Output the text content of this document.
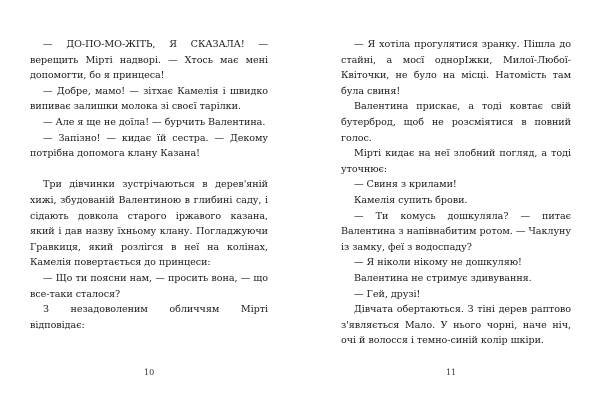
— ДО-ПО-МО-ЖІТЬ, Я СКАЗАЛА! — верещить Мірті надворі. — Хтось має мені допомогти, бо я принцеса!

— Добре, мамо! — зітхає Камелія і швидко випиває залишки молока зі своєї тарілки.

— Але я ще не доїла! — бурчить Валентина.

— Запізно! — кидає їй сестра. — Декому потрібна допомога клану Казана!

Три дівчинки зустрічаються в дерев'яній хижі, збудованій Валентиною в глибині саду, і сідають довкола старого іржавого казана, який і дав назву їхньому клану. Погладжуючи Гравкиця, який розлігся в неї на колінах, Камелія повертається до принцеси:

— Що ти поясни нам, — просить вона, — що все-таки сталося?

З незадоволеним обличчям Мірті відповідає:

10

— Я хотіла прогулятися зранку. Пішла до стайні, а мосї однорІжки, Милої-Любої-Квіточки, не було на місці. Натомість там була свиня!

Валентина прискає, а тоді ковтає свій бутерброд, щоб не розсміятися в повний голос.

Мірті кидає на неї злобний погляд, а тоді уточнює:

— Свиня з крилами!

Камелія супить брови.

— Ти комусь дошкуляла? — питає Валентина з напівнабитим ротом. — Чаклуну із замку, феї з водоспаду?

— Я ніколи нікому не дошкуляю!

Валентина не стримує здивування.

— Гей, друзі!

Дівчата обертаються. З тіні дерев раптово з'являється Мало. У нього чорні, наче ніч, очі й волосся і темно-синій колір шкіри.

11
